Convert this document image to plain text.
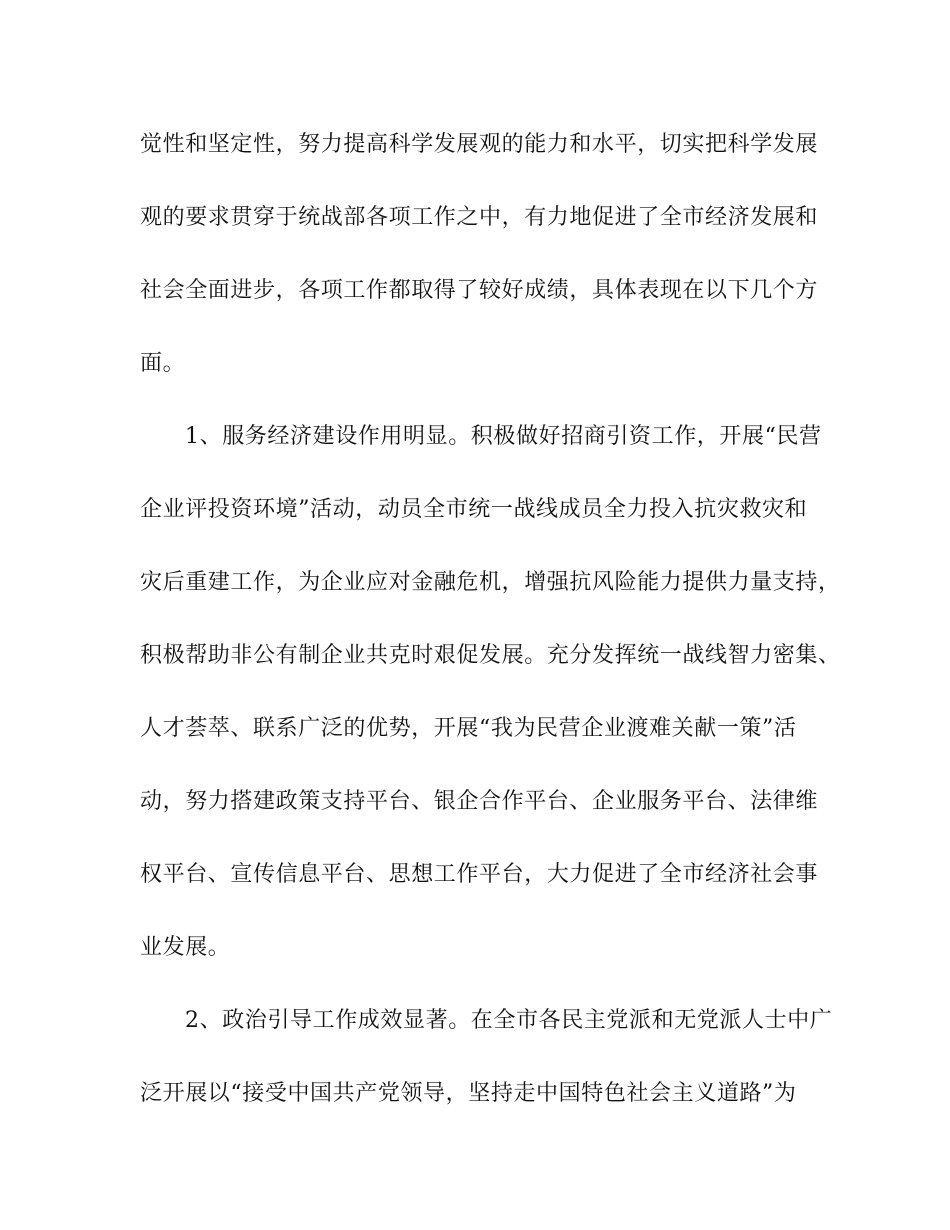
觉性和坚定性，努力提高科学发展观的能力和水平，切实把科学发展
观的要求贯穿于统战部各项工作之中，有力地促进了全市经济发展和
社会全面进步，各项工作都取得了较好成绩，具体表现在以下几个方
面。
1、服务经济建设作用明显。积极做好招商引资工作，开展“民营
企业评投资环境”活动，动员全市统一战线成员全力投入抗灾救灾和
灾后重建工作，为企业应对金融危机，增强抗风险能力提供力量支持，
积极帮助非公有制企业共克时艰促发展。充分发挥统一战线智力密集、
人才荟萃、联系广泛的优势，开展“我为民营企业渡难关献一策”活
动，努力搭建政策支持平台、银企合作平台、企业服务平台、法律维
权平台、宣传信息平台、思想工作平台，大力促进了全市经济社会事
业发展。
2、政治引导工作成效显著。在全市各民主党派和无党派人士中广
泛开展以“接受中国共产党领导，坚持走中国特色社会主义道路”为
